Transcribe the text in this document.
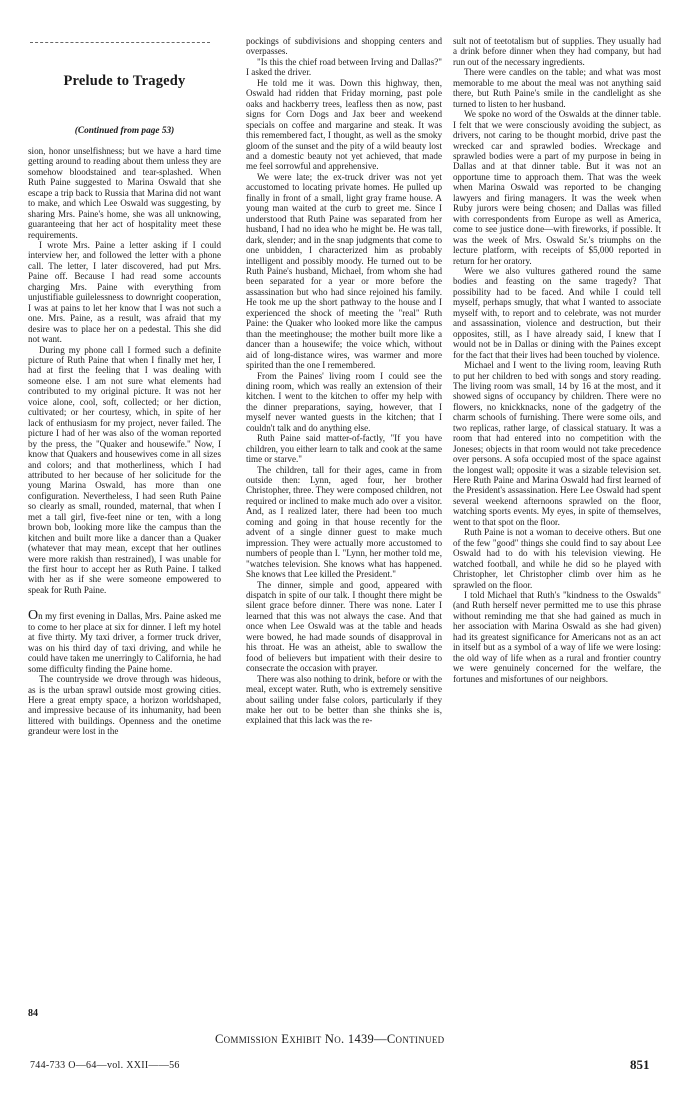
Prelude to Tragedy
(Continued from page 53)

sion, honor unselfishness; but we have a hard time getting around to reading about them unless they are somehow bloodstained and tear-splashed. When Ruth Paine suggested to Marina Oswald that she escape a trip back to Russia that Marina did not want to make, and which Lee Oswald was suggesting, by sharing Mrs. Paine's home, she was all unknowing, guaranteeing that her act of hospitality meet these requirements.

I wrote Mrs. Paine a letter asking if I could interview her, and followed the letter with a phone call. The letter, I later discovered, had put Mrs. Paine off. Because I had read some accounts charging Mrs. Paine with everything from unjustifiable guilelessness to downright cooperation, I was at pains to let her know that I was not such a one. Mrs. Paine, as a result, was afraid that my desire was to place her on a pedestal. This she did not want.

During my phone call I formed such a definite picture of Ruth Paine that when I finally met her, I had at first the feeling that I was dealing with someone else. I am not sure what elements had contributed to my original picture. It was not her voice alone, cool, soft, collected; or her diction, cultivated; or her courtesy, which, in spite of her lack of enthusiasm for my project, never failed. The picture I had of her was also of the woman reported by the press, the "Quaker and housewife." Now, I know that Quakers and housewives come in all sizes and colors; and that motherliness, which I had attributed to her because of her solicitude for the young Marina Oswald, has more than one configuration. Nevertheless, I had seen Ruth Paine so clearly as small, rounded, maternal, that when I met a tall girl, five-feet nine or ten, with a long brown bob, looking more like the campus than the kitchen and built more like a dancer than a Quaker (whatever that may mean, except that her outlines were more rakish than restrained), I was unable for the first hour to accept her as Ruth Paine. I talked with her as if she were someone empowered to speak for Ruth Paine.

On my first evening in Dallas, Mrs. Paine asked me to come to her place at six for dinner. I left my hotel at five thirty. My taxi driver, a former truck driver, was on his third day of taxi driving, and while he could have taken me unerringly to California, he had some difficulty finding the Paine home.

The countryside we drove through was hideous, as is the urban sprawl outside most growing cities. Here a great empty space, a horizon worldshaped, and impressive because of its inhumanity, had been littered with buildings. Openness and the onetime grandeur were lost in the

pockings of subdivisions and shopping centers and overpasses.

"Is this the chief road between Irving and Dallas?" I asked the driver.

He told me it was. Down this highway, then, Oswald had ridden that Friday morning, past pole oaks and hackberry trees, leafless then as now, past signs for Corn Dogs and Jax beer and weekend specials on coffee and margarine and steak. It was this remembered fact, I thought, as well as the smoky gloom of the sunset and the pity of a wild beauty lost and a domestic beauty not yet achieved, that made me feel sorrowful and apprehensive.

We were late; the ex-truck driver was not yet accustomed to locating private homes. He pulled up finally in front of a small, light gray frame house. A young man waited at the curb to greet me. Since I understood that Ruth Paine was separated from her husband, I had no idea who he might be. He was tall, dark, slender; and in the snap judgments that come to one unbidden, I characterized him as probably intelligent and possibly moody. He turned out to be Ruth Paine's husband, Michael, from whom she had been separated for a year or more before the assassination but who had since rejoined his family. He took me up the short pathway to the house and I experienced the shock of meeting the "real" Ruth Paine: the Quaker who looked more like the campus than the meetinghouse; the mother built more like a dancer than a housewife; the voice which, without aid of long-distance wires, was warmer and more spirited than the one I remembered.

From the Paines' living room I could see the dining room, which was really an extension of their kitchen. I went to the kitchen to offer my help with the dinner preparations, saying, however, that I myself never wanted guests in the kitchen; that I couldn't talk and do anything else.

Ruth Paine said matter-of-factly, "If you have children, you either learn to talk and cook at the same time or starve."

The children, tall for their ages, came in from outside then: Lynn, aged four, her brother Christopher, three. They were composed children, not required or inclined to make much ado over a visitor. And, as I realized later, there had been too much coming and going in that house recently for the advent of a single dinner guest to make much impression. They were actually more accustomed to numbers of people than I. "Lynn, her mother told me, "watches television. She knows what has happened. She knows that Lee killed the President."

The dinner, simple and good, appeared with dispatch in spite of our talk. I thought there might be silent grace before dinner. There was none. Later I learned that this was not always the case. And that once when Lee Oswald was at the table and heads were bowed, he had made sounds of disapproval in his throat. He was an atheist, able to swallow the food of believers but impatient with their desire to consecrate the occasion with prayer.

There was also nothing to drink, before or with the meal, except water. Ruth, who is extremely sensitive about sailing under false colors, particularly if they make her out to be better than she thinks she is, explained that this lack was the re-

sult not of teetotalism but of supplies. They usually had a drink before dinner when they had company, but had run out of the necessary ingredients.

There were candles on the table; and what was most memorable to me about the meal was not anything said there, but Ruth Paine's smile in the candlelight as she turned to listen to her husband.

We spoke no word of the Oswalds at the dinner table. I felt that we were consciously avoiding the subject, as drivers, not caring to be thought morbid, drive past the wrecked car and sprawled bodies. Wreckage and sprawled bodies were a part of my purpose in being in Dallas and at that dinner table. But it was not an opportune time to approach them. That was the week when Marina Oswald was reported to be changing lawyers and firing managers. It was the week when Ruby jurors were being chosen; and Dallas was filled with correspondents from Europe as well as America, come to see justice done—with fireworks, if possible. It was the week of Mrs. Oswald Sr.'s triumphs on the lecture platform, with receipts of $5,000 reported in return for her oratory.

Were we also vultures gathered round the same bodies and feasting on the same tragedy? That possibility had to be faced. And while I could tell myself, perhaps smugly, that what I wanted to associate myself with, to report and to celebrate, was not murder and assassination, violence and destruction, but their opposites, still, as I have already said, I knew that I would not be in Dallas or dining with the Paines except for the fact that their lives had been touched by violence.

Michael and I went to the living room, leaving Ruth to put her children to bed with songs and story reading. The living room was small, 14 by 16 at the most, and it showed signs of occupancy by children. There were no flowers, no knickknacks, none of the gadgetry of the charm schools of furnishing. There were some oils, and two replicas, rather large, of classical statuary. It was a room that had entered into no competition with the Joneses; objects in that room would not take precedence over persons. A sofa occupied most of the space against the longest wall; opposite it was a sizable television set. Here Ruth Paine and Marina Oswald had first learned of the President's assassination. Here Lee Oswald had spent several weekend afternoons sprawled on the floor, watching sports events. My eyes, in spite of themselves, went to that spot on the floor.

Ruth Paine is not a woman to deceive others. But one of the few "good" things she could find to say about Lee Oswald had to do with his television viewing. He watched football, and while he did so he played with Christopher, let Christopher climb over him as he sprawled on the floor.

I told Michael that Ruth's "kindness to the Oswalds" (and Ruth herself never permitted me to use this phrase without reminding me that she had gained as much in her association with Marina Oswald as she had given) had its greatest significance for Americans not as an act in itself but as a symbol of a way of life we were losing: the old way of life when as a rural and frontier country we were genuinely concerned for the welfare, the fortunes and misfortunes of our neighbors.

84
Commission Exhibit No. 1439—Continued
744-733 O—64—vol. XXII——56	851
